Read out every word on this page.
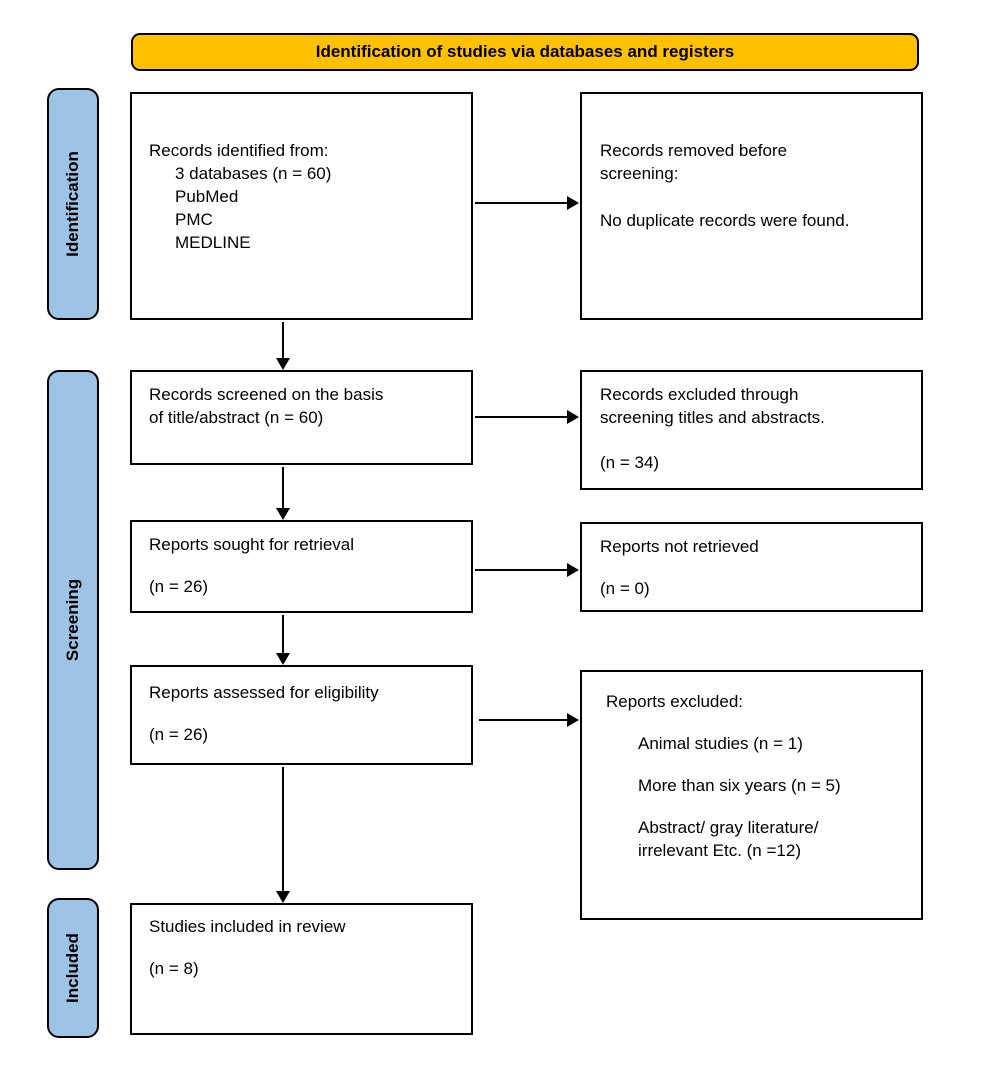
Identification of studies via databases and registers
Identification
Screening
Included
Records identified from:
3 databases (n = 60)
PubMed
PMC
MEDLINE
Records screened on the basis
of title/abstract (n = 60)
Reports sought for retrieval
(n = 26)
Reports assessed for eligibility
(n = 26)
Studies included in review
(n = 8)
Records removed before
screening:
No duplicate records were found.
Records excluded through
screening titles and abstracts.
(n = 34)
Reports not retrieved
(n = 0)
Reports excluded:
Animal studies (n = 1)
More than six years (n = 5)
Abstract/ gray literature/
irrelevant Etc. (n =12)
